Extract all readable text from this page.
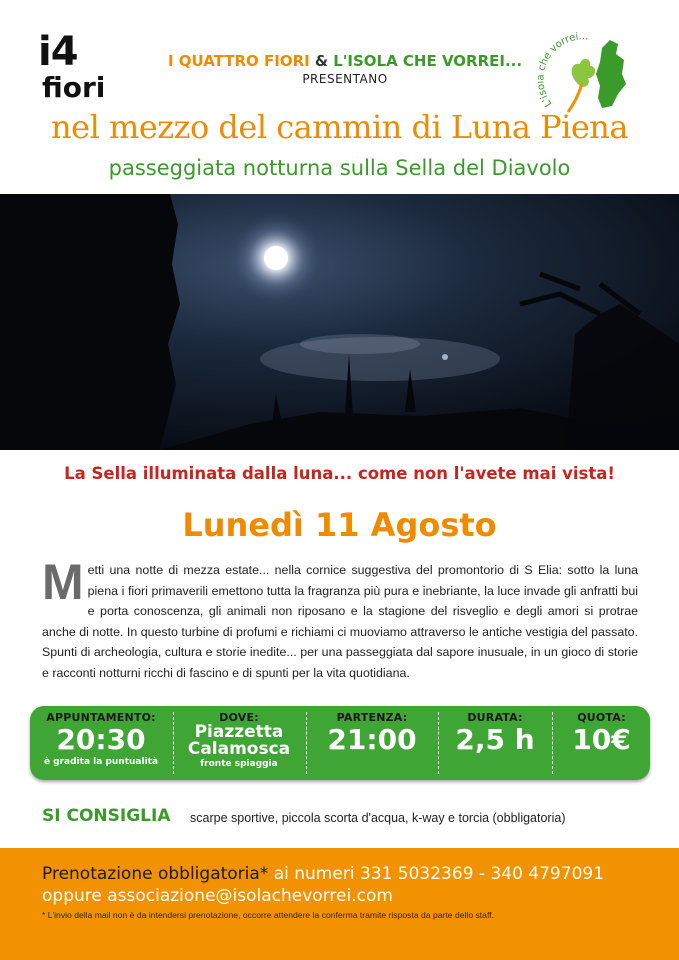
i4
fiori
I QUATTRO FIORI & L'ISOLA CHE VORREI...
PRESENTANO
L'is he vorrei...
nel mezzo del cammin di Luna Piena
passeggiata notturna sulla Sella del Diavolo
La Sella illuminata dalla luna... come non l'avete mai vista!
Lunedì 11 Agosto
Metti una notte di mezza estate... nella cornice suggestiva del promontorio di S Elia: sotto la luna piena i fiori primaverili emettono tutta la fragranza più pura e inebriante, la luce invade gli anfratti bui e porta conoscenza, gli animali non riposano e la stagione del risveglio e degli amori si protrae anche di notte. In questo turbine di profumi e richiami ci muoviamo attraverso le antiche vestigia del passato. Spunti di archeologia, cultura e storie inedite... per una passeggiata dal sapore inusuale, in un gioco di storie e racconti notturni ricchi di fascino e di spunti per la vita quotidiana.
APPUNTAMENTO:
20:30
è gradita la puntualità
DOVE:
Piazzetta
Calamosca
fronte spiaggia
PARTENZA:
21:00
DURATA:
2,5 h
QUOTA:
10€
SI CONSIGLIA scarpe sportive, piccola scorta d'acqua, k-way e torcia (obbligatoria)
Prenotazione obbligatoria* ai numeri 331 5032369 - 340 4797091
oppure associazione@isolachevorrei.com
* L'invio della mail non è da intendersi prenotazione, occorre attendere la conferma tramite risposta da parte dello staff.
